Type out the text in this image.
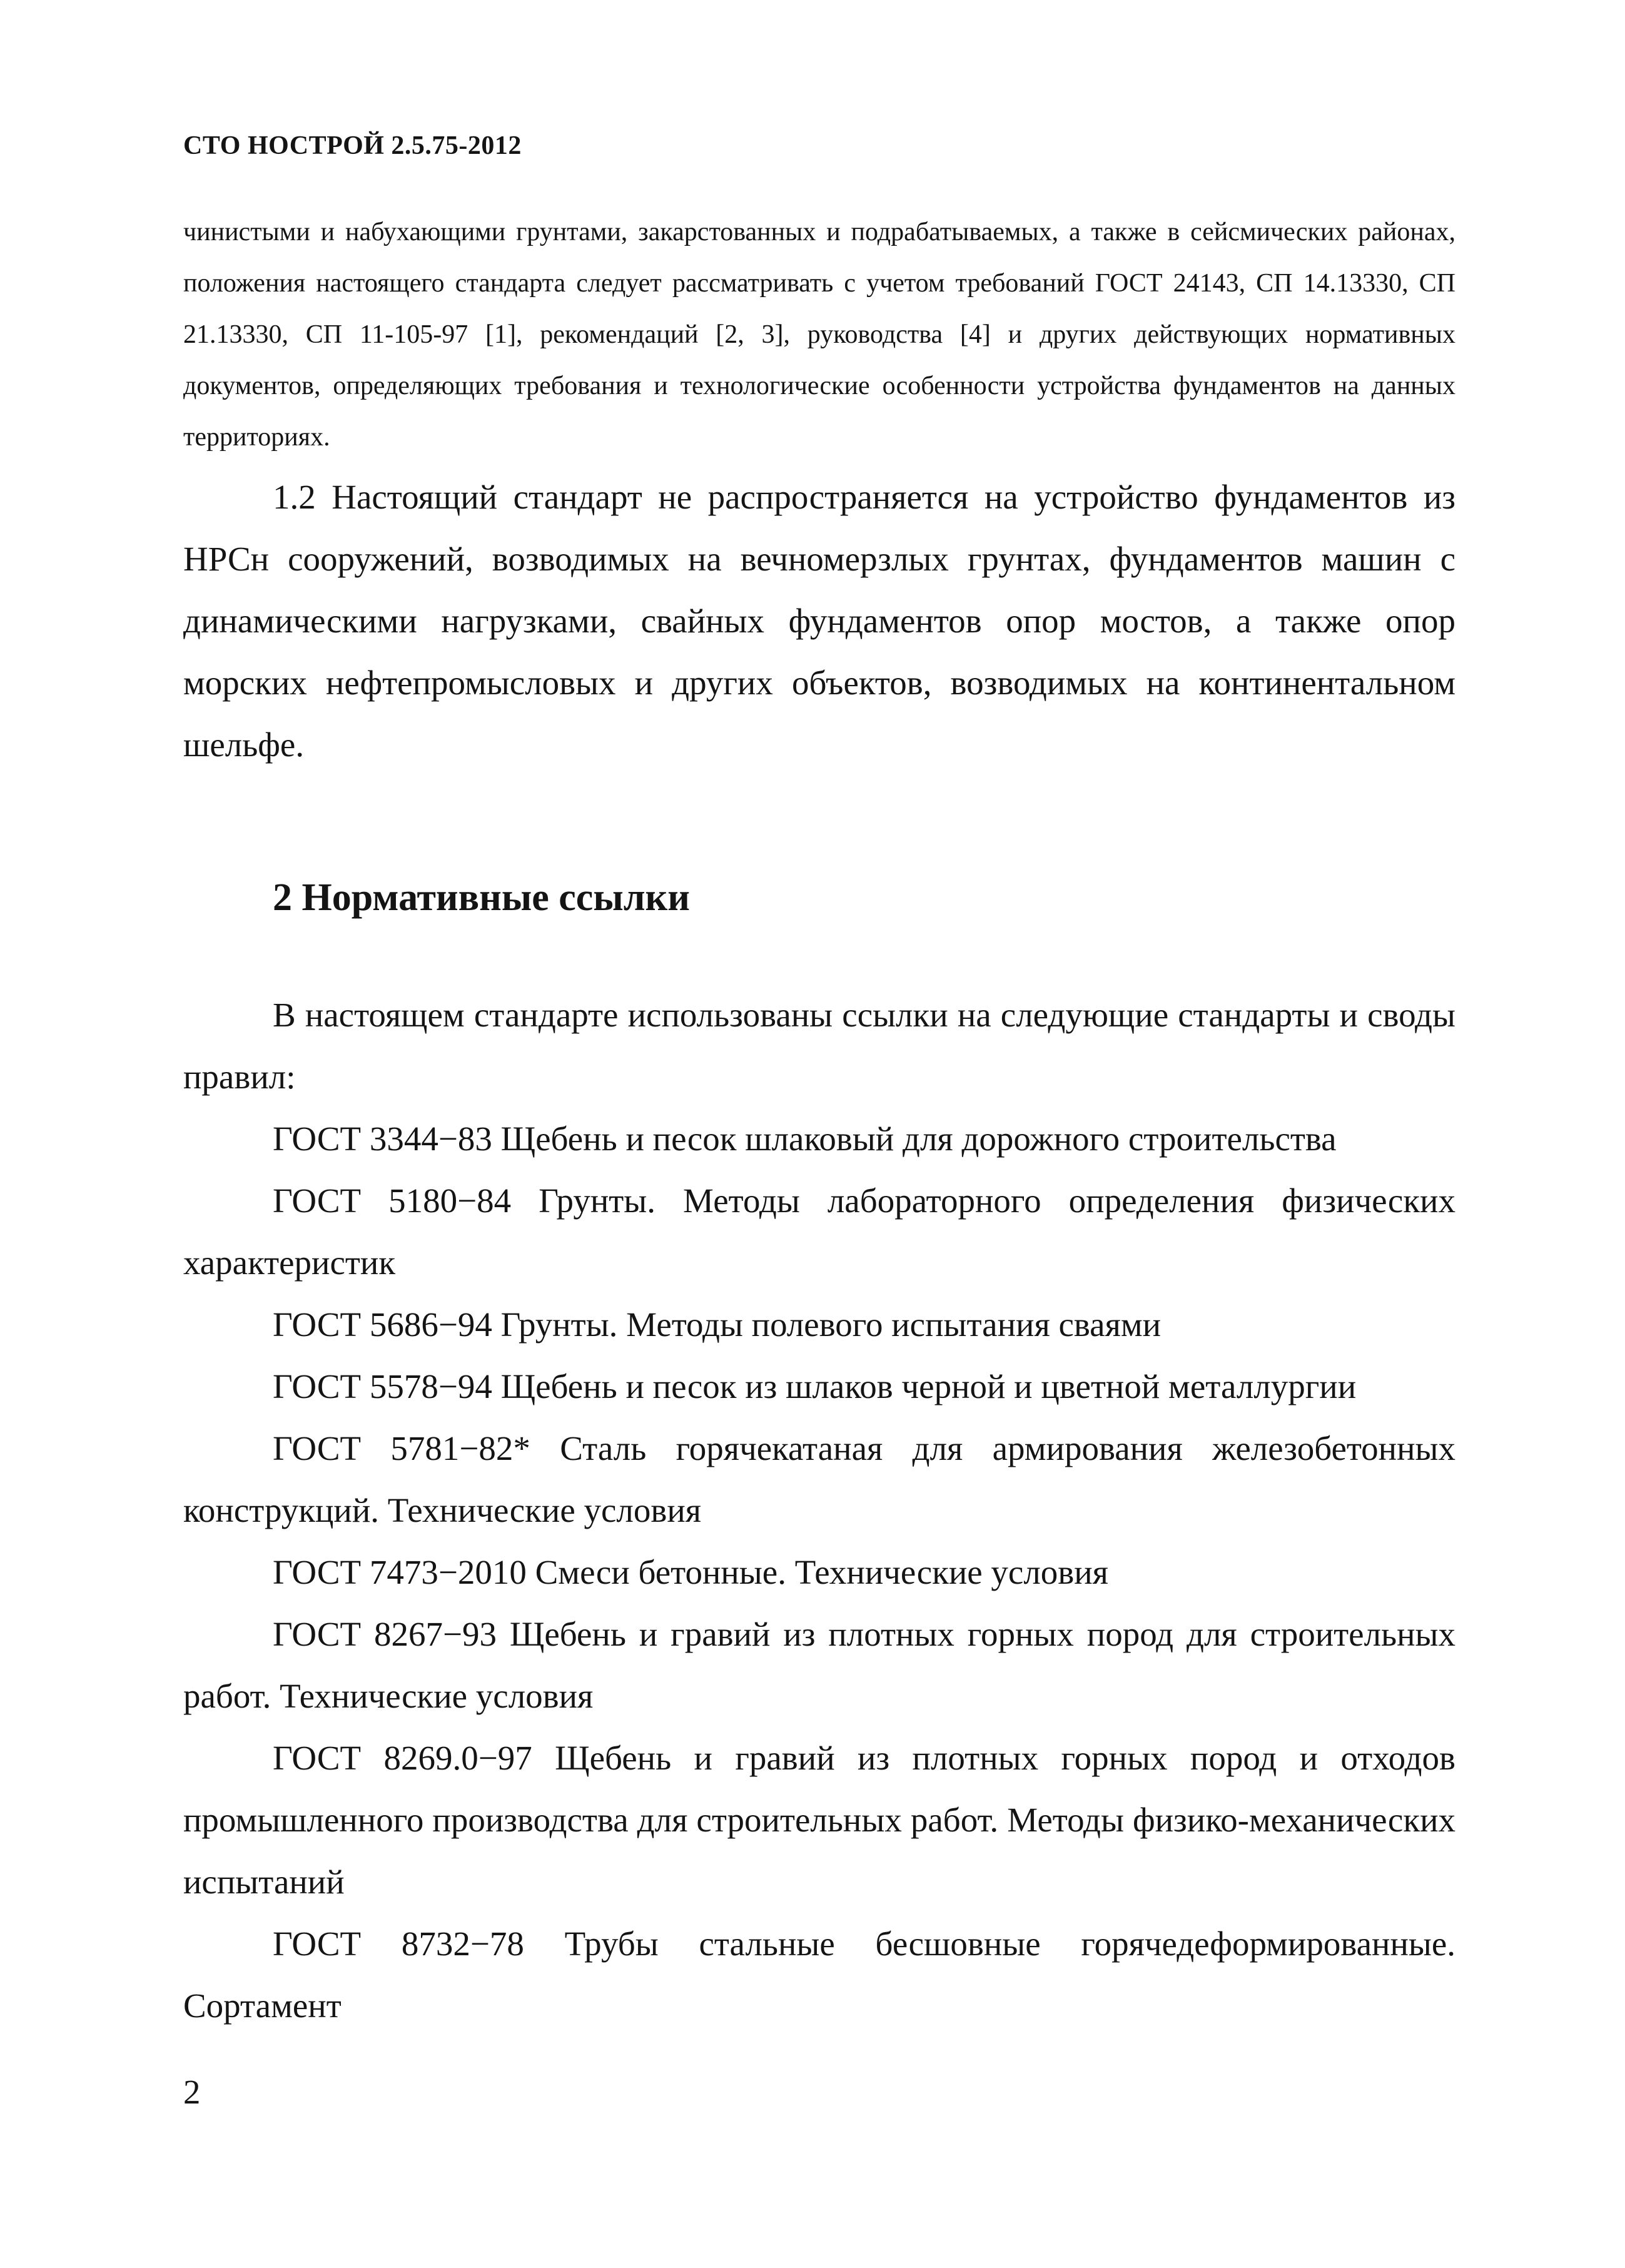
СТО НОСТРОЙ 2.5.75-2012

чинистыми и набухающими грунтами, закарстованных и подрабатываемых, а также в сейсмических районах, положения настоящего стандарта следует рассматривать с учетом требований ГОСТ 24143, СП 14.13330, СП 21.13330, СП 11-105-97 [1], рекомендаций [2, 3], руководства [4] и других действующих нормативных документов, определяющих требования и технологические особенности устройства фундаментов на данных территориях.

1.2 Настоящий стандарт не распространяется на устройство фундаментов из НРСн сооружений, возводимых на вечномерзлых грунтах, фундаментов машин с динамическими нагрузками, свайных фундаментов опор мостов, а также опор морских нефтепромысловых и других объектов, возводимых на континентальном шельфе.

2 Нормативные ссылки

В настоящем стандарте использованы ссылки на следующие стандарты и своды правил:

ГОСТ 3344−83 Щебень и песок шлаковый для дорожного строительства

ГОСТ 5180−84 Грунты. Методы лабораторного определения физических характеристик

ГОСТ 5686−94 Грунты. Методы полевого испытания сваями

ГОСТ 5578−94 Щебень и песок из шлаков черной и цветной металлургии

ГОСТ 5781−82* Сталь горячекатаная для армирования железобетонных конструкций. Технические условия

ГОСТ 7473−2010 Смеси бетонные. Технические условия

ГОСТ 8267−93 Щебень и гравий из плотных горных пород для строительных работ. Технические условия

ГОСТ 8269.0−97 Щебень и гравий из плотных горных пород и отходов промышленного производства для строительных работ. Методы физико-механических испытаний

ГОСТ 8732−78 Трубы стальные бесшовные горячедеформированные. Сортамент

2
